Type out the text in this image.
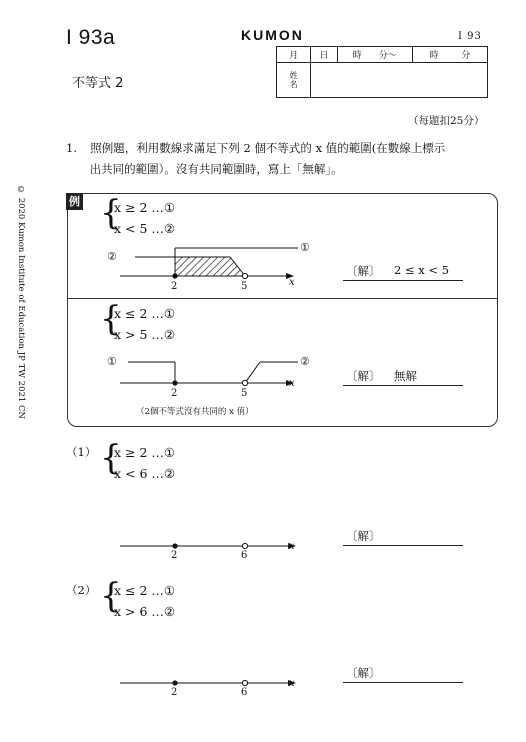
I 93a	KUMON	I 93
不等式 2
© 2020 Kumon Institute of Education JP TW 2021 CN
月	日	時 分～	時 分
姓名			
（每題扣25分）
1. 照例題，利用數線求滿足下列 2 個不等式的 x 值的範圍(在數線上標示
出共同的範圍）。沒有共同範圍時，寫上「無解」。
例 {
x ≥ 2 …①
x < 5 …②
②
①
2	5	x
〔解〕 2 ≤ x < 5
{
x ≤ 2 …①
x > 5 …②
①	②
2	5
x
（2個不等式沒有共同的 x 值）
〔解〕 無解
（1） {
x ≥ 2 …①
x < 6 …②
2	6
x
〔解〕
（2） {
x ≤ 2 …①
x > 6 …②
2	6
x
〔解〕
